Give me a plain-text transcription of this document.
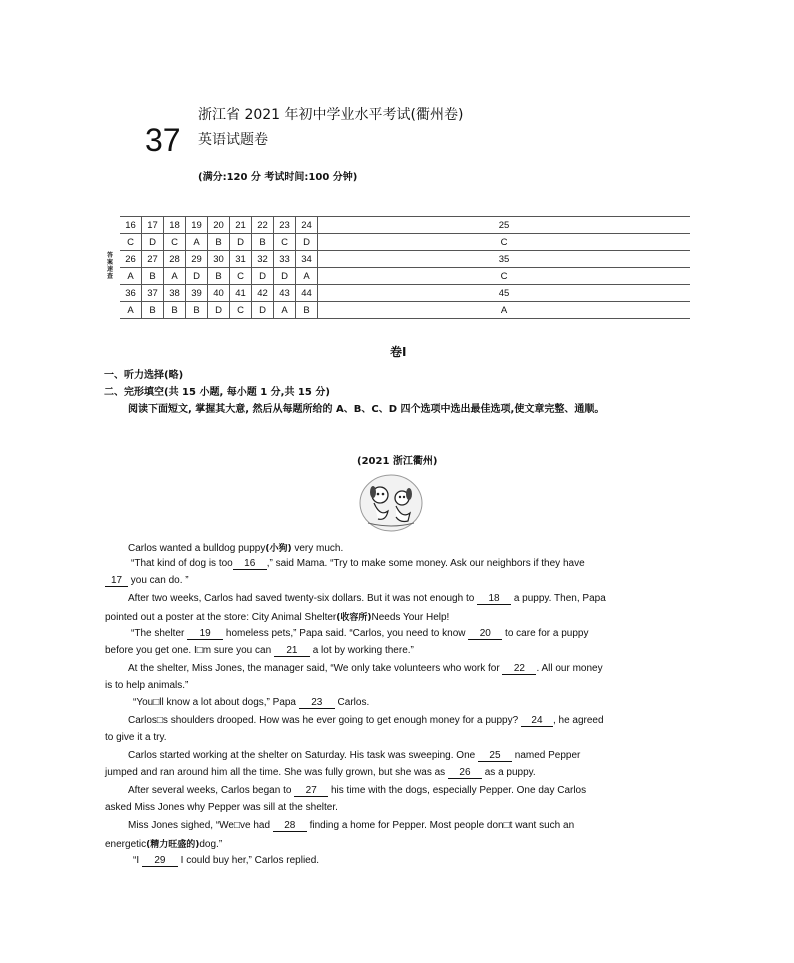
37
浙江省 2021 年初中学业水平考试(衢州卷)
英语试题卷
(满分:120 分 考试时间:100 分钟)
答案速查
16	17	18	19	20	21	22	23	24	25
C	D	C	A	B	D	B	C	D	C
26	27	28	29	30	31	32	33	34	35
A	B	A	D	B	C	D	D	A	C
36	37	38	39	40	41	42	43	44	45
A	B	B	B	D	C	D	A	B	A
卷Ⅰ
一、听力选择(略)
二、完形填空(共 15 小题, 每小题 1 分,共 15 分)
阅读下面短文, 掌握其大意, 然后从每题所给的 A、B、C、D 四个选项中选出最佳选项,使文章完整、通顺。
(2021 浙江衢州)
Carlos wanted a bulldog puppy(小狗) very much.
“That kind of dog is too 16 ,” said Mama. “Try to make some money. Ask our neighbors if they have
17 you can do. ”
After two weeks, Carlos had saved twenty-six dollars. But it was not enough to 18 a puppy. Then, Papa
pointed out a poster at the store: City Animal Shelter(收容所)Needs Your Help!
“The shelter 19 homeless pets,” Papa said. “Carlos, you need to know 20 to care for a puppy
before you get one. I□m sure you can 21 a lot by working there.”
At the shelter, Miss Jones, the manager said, “We only take volunteers who work for 22 . All our money
is to help animals.”
“You□ll know a lot about dogs,” Papa 23 Carlos.
Carlos□s shoulders drooped. How was he ever going to get enough money for a puppy? 24 , he agreed
to give it a try.
Carlos started working at the shelter on Saturday. His task was sweeping. One 25 named Pepper
jumped and ran around him all the time. She was fully grown, but she was as 26 as a puppy.
After several weeks, Carlos began to 27 his time with the dogs, especially Pepper. One day Carlos
asked Miss Jones why Pepper was sill at the shelter.
Miss Jones sighed, “We□ve had 28 finding a home for Pepper. Most people don□t want such an
energetic(精力旺盛的)dog.”
“I 29 I could buy her,” Carlos replied.
